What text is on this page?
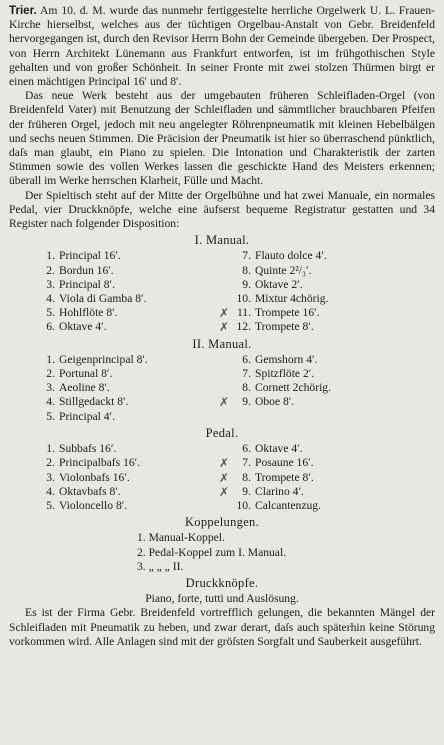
Trier. Am 10. d. M. wurde das nunmehr fertiggestelte herrliche Orgelwerk U. L. Frauen-Kirche hierselbst, welches aus der tüchtigen Orgelbau-Anstalt von Gebr. Breidenfeld hervorgegangen ist, durch den Revisor Herrn Bohn der Gemeinde übergeben. Der Prospect, von Herrn Architekt Lünemann aus Frankfurt entworfen, ist im frühgothischen Style gehalten und von großer Schönheit. In seiner Fronte mit zwei stolzen Thürmen birgt er einen mächtigen Principal 16′ und 8′.

Das neue Werk besteht aus der umgebauten früheren Schleifladen-Orgel (von Breidenfeld Vater) mit Benutzung der Schleifladen und sämmtlicher brauchbaren Pfeifen der früheren Orgel, jedoch mit neu angelegter Röhrenpneumatik mit kleinen Hebelbälgen und sechs neuen Stimmen. Die Präcision der Pneumatik ist hier so überraschend pünktlich, daſs man glaubt, ein Piano zu spielen. Die Intonation und Charakteristik der zarten Stimmen sowie des vollen Werkes lassen die geschickte Hand des Meisters erkennen; überall im Werke herrschen Klarheit, Fülle und Macht.

Der Spieltisch steht auf der Mitte der Orgelbühne und hat zwei Manuale, ein normales Pedal, vier Druckknöpfe, welche eine äufserst bequeme Registratur gestatten und 34 Register nach folgender Disposition:

I. Manual.
1. Principal 16′.	7. Flauto dolce 4′.
2. Bordun 16′.	8. Quinte 2²/₃′.
3. Principal 8′.	9. Oktave 2′.
4. Viola di Gamba 8′.	10. Mixtur 4chörig.
5. Hohlflöte 8′.	✗ 11. Trompete 16′.
6. Oktave 4′.	✗ 12. Trompete 8′.
II. Manual.
1. Geigenprincipal 8′.	6. Gemshorn 4′.
2. Portunal 8′.	7. Spitzflöte 2′.
3. Aeoline 8′.	8. Cornett 2chörig.
4. Stillgedackt 8′.	✗ 9. Oboe 8′.
5. Principal 4′.
Pedal.
1. Subbafs 16′.	6. Oktave 4′.
2. Principalbafs 16′.	✗ 7. Posaune 16′.
3. Violonbafs 16′.	✗ 8. Trompete 8′.
4. Oktavbafs 8′.	✗ 9. Clarino 4′.
5. Violoncello 8′.	10. Calcantenzug.
Koppelungen.
1. Manual-Koppel.
2. Pedal-Koppel zum I. Manual.
3. „ „ „ II.
Druckknöpfe.
Piano, forte, tutti und Auslösung.

Es ist der Firma Gebr. Breidenfeld vortrefflich gelungen, die bekannten Mängel der Schleifladen mit Pneumatik zu heben, und zwar derart, daſs auch späterhin keine Störung vorkommen wird. Alle Anlagen sind mit der gröſsten Sorgfalt und Sauberkeit ausgeführt.
